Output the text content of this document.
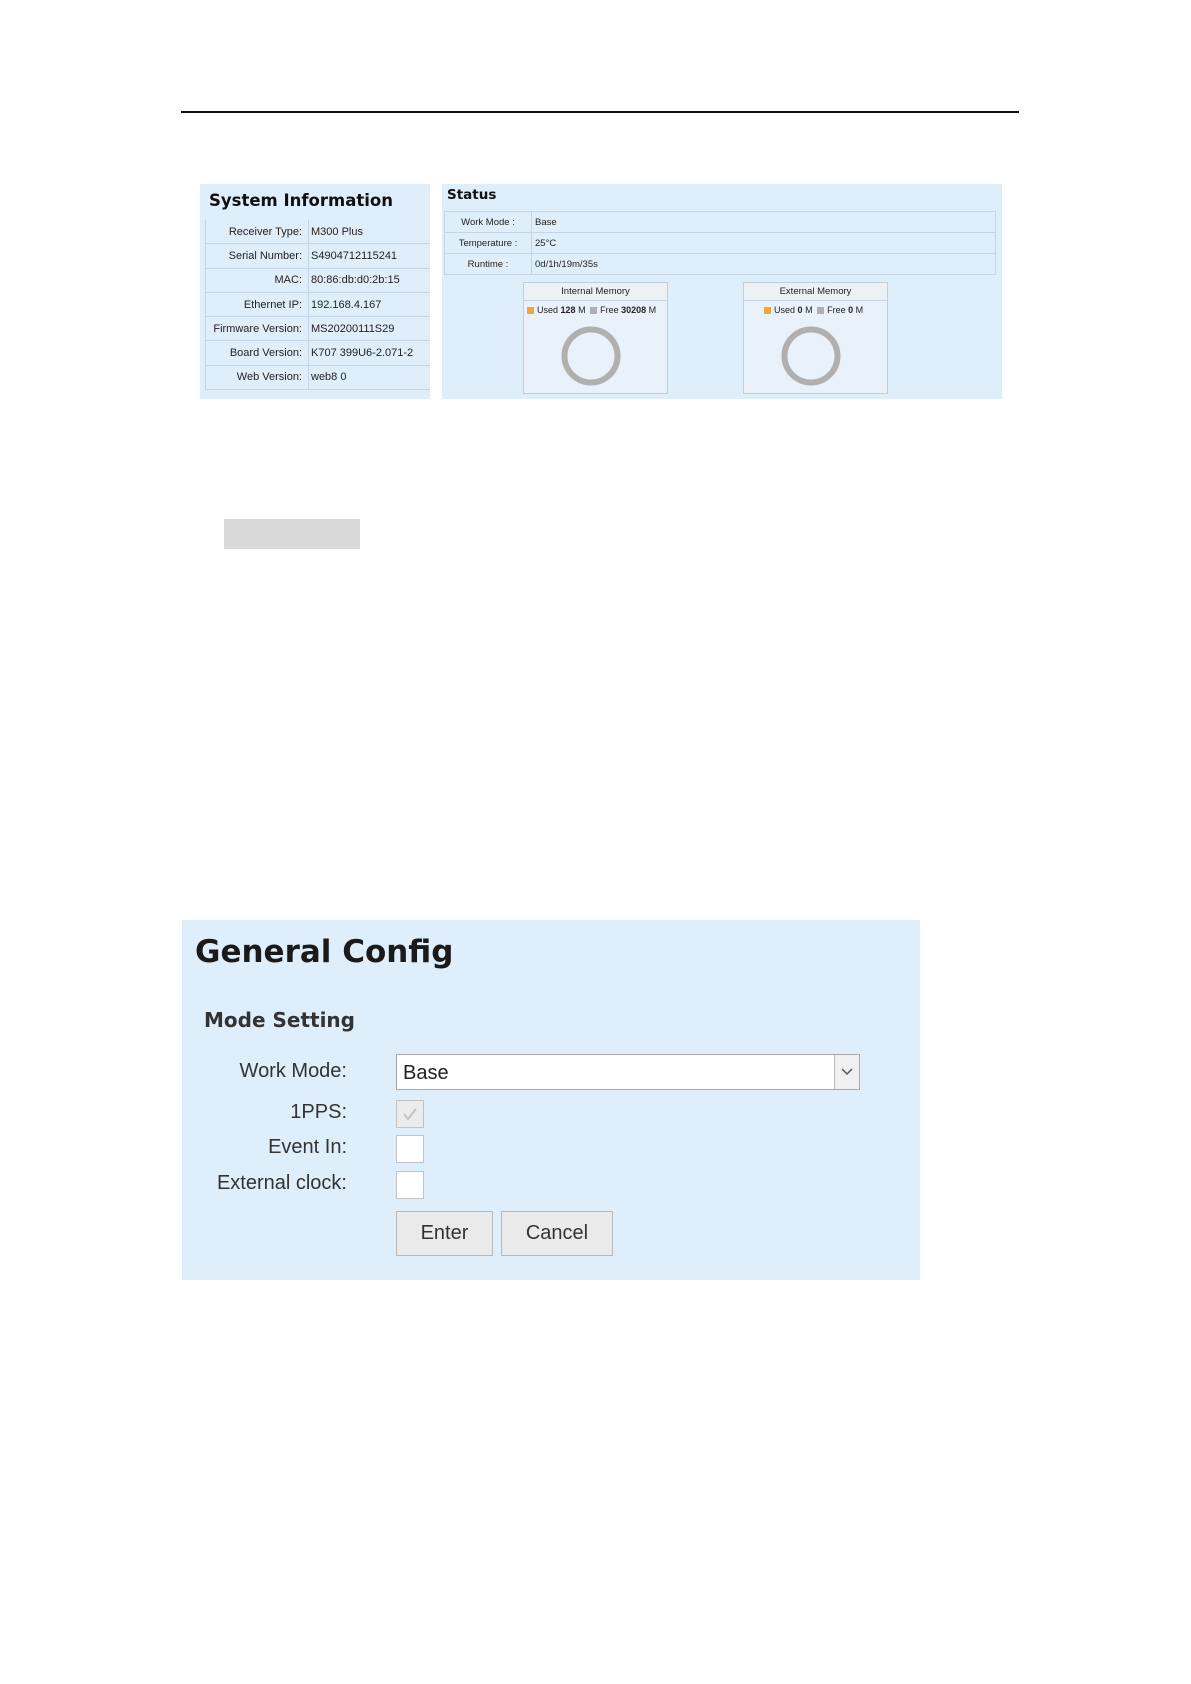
System Information
Receiver Type:	M300 Plus
Serial Number:	S4904712115241
MAC:	80:86:db:d0:2b:15
Ethernet IP:	192.168.4.167
Firmware Version:	MS20200111S29
Board Version:	K707 399U6-2.071-2
Web Version:	web8 0
Status
Work Mode :	Base
Temperature :	25°C
Runtime :	0d/1h/19m/35s
Internal Memory
Used 128 M Free 30208 M
External Memory
Used 0 M Free 0 M
General Config
Mode Setting
Work Mode:	Base
1PPS:
Event In:
External clock:
Enter	Cancel
